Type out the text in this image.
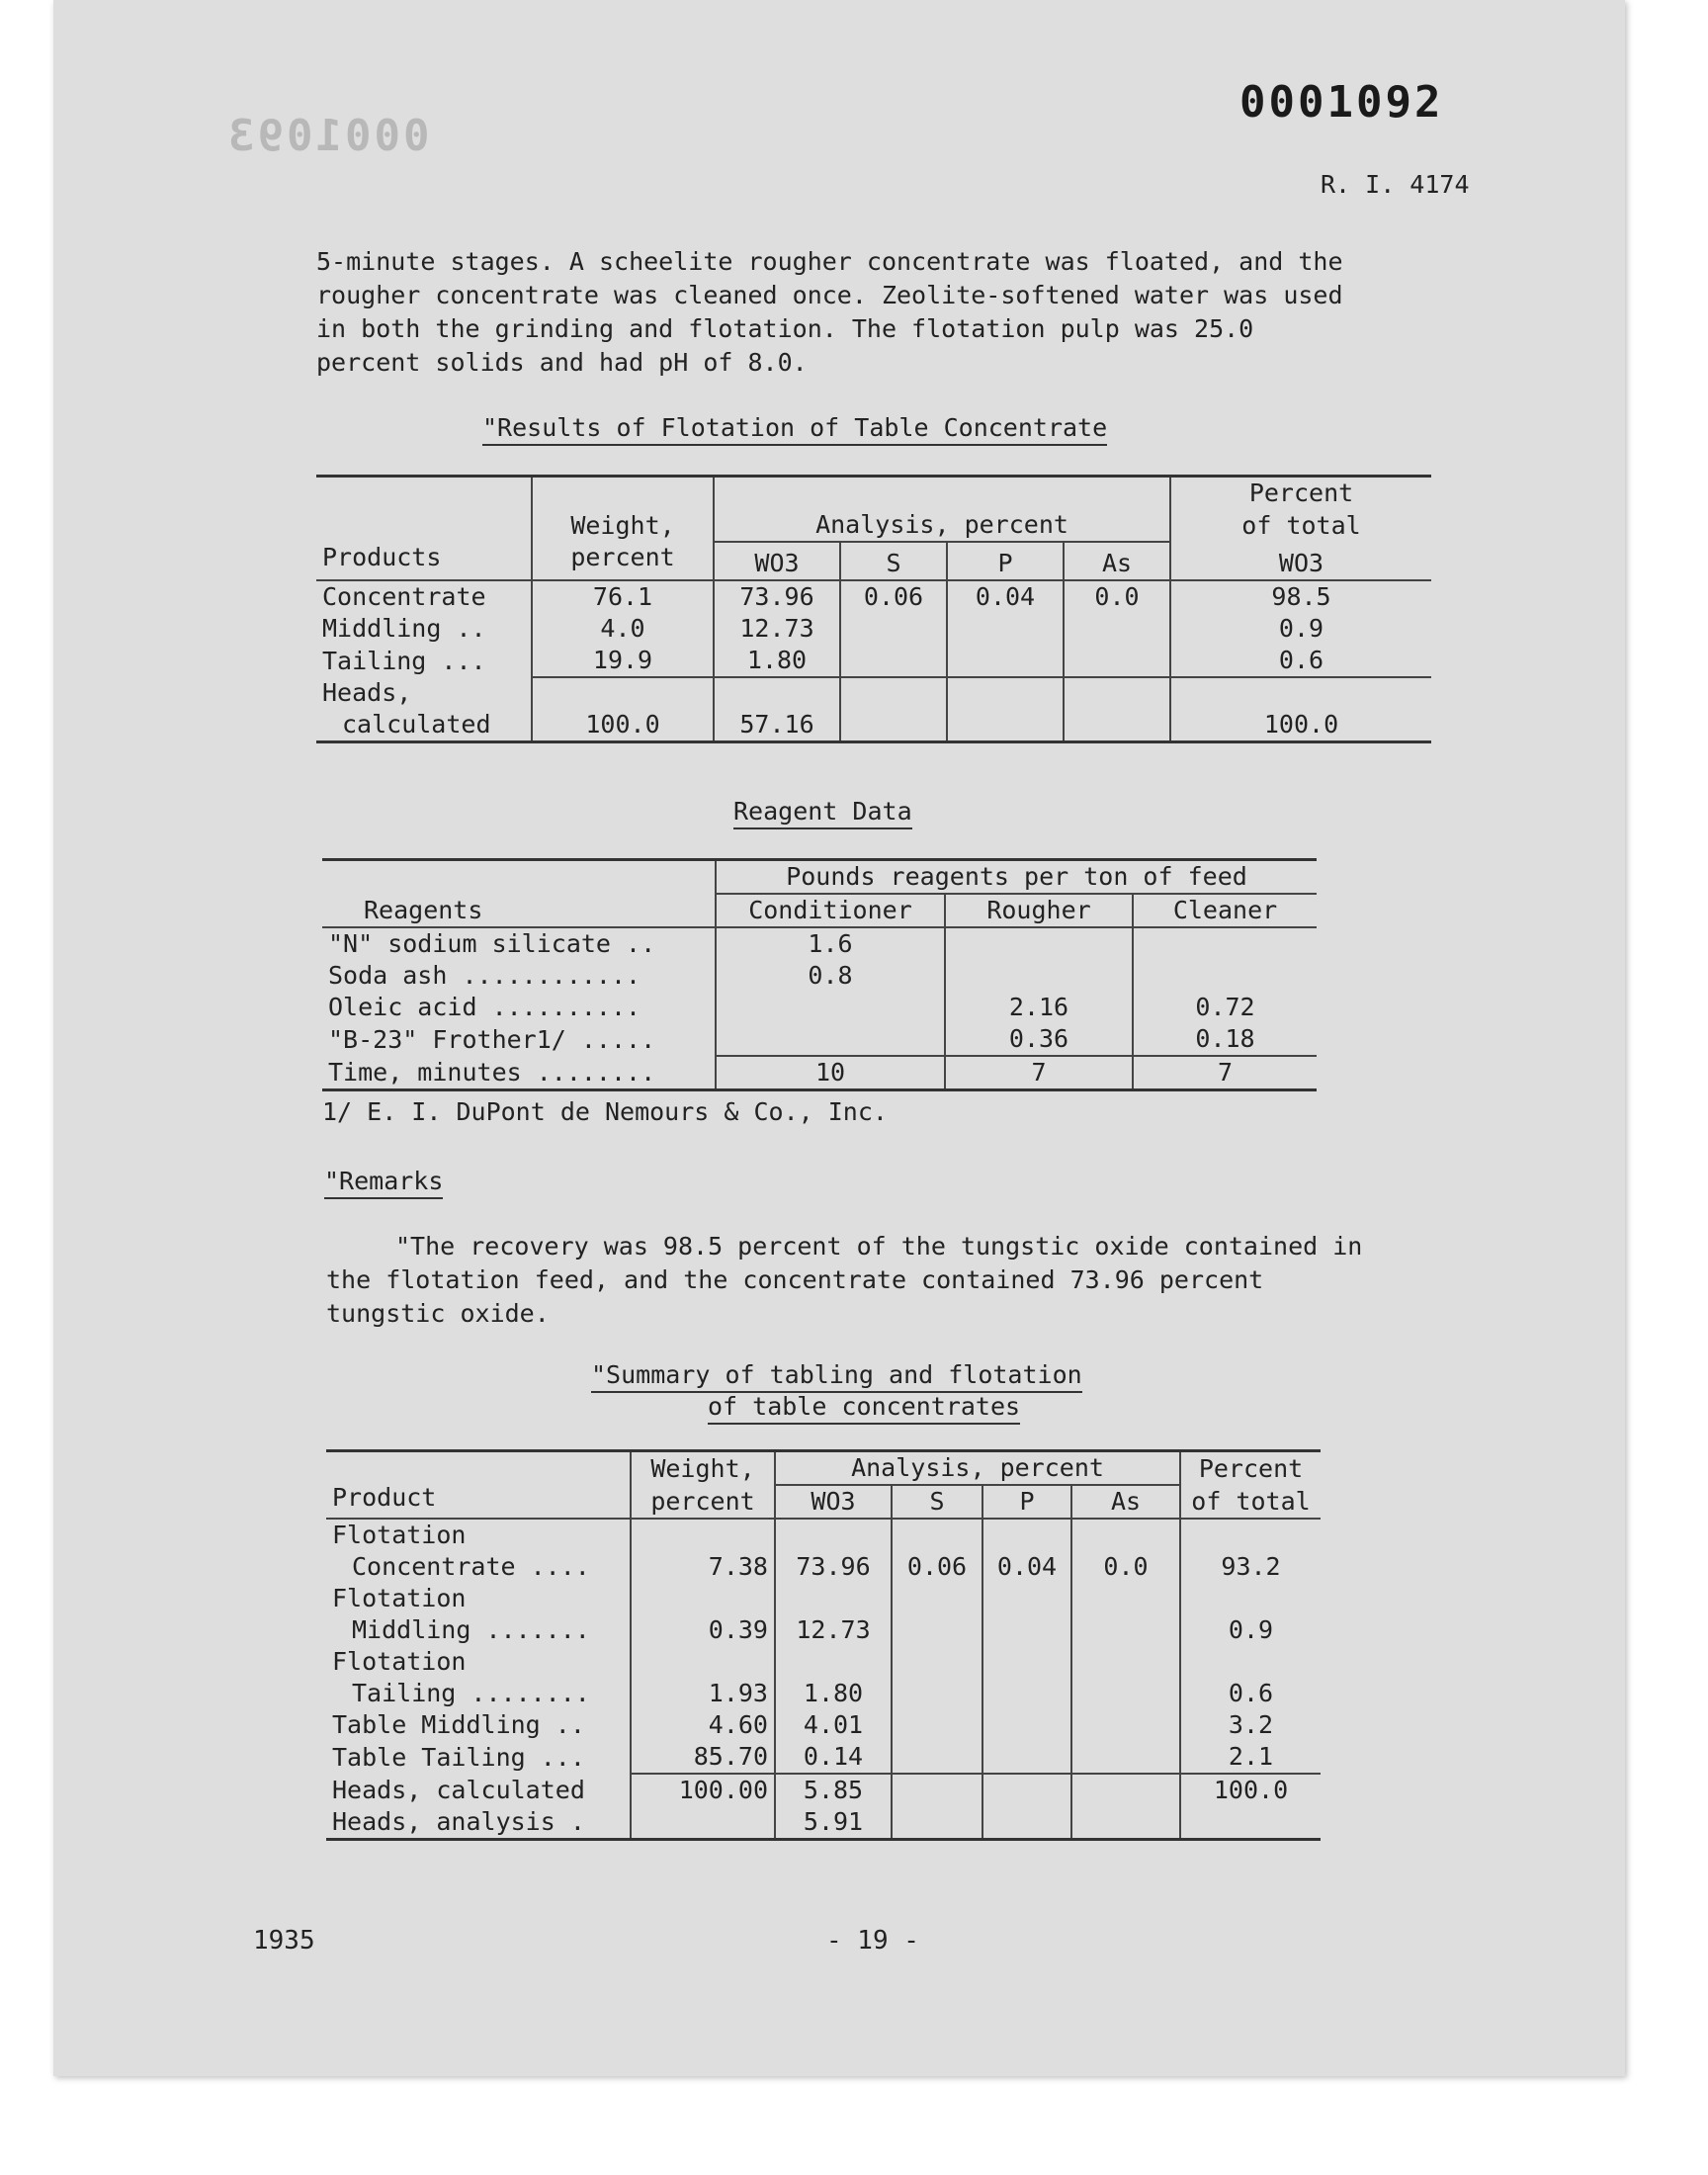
0001093
0001092
R. I. 4174
5-minute stages. A scheelite rougher concentrate was floated, and the rougher concentrate was cleaned once. Zeolite-softened water was used in both the grinding and flotation. The flotation pulp was 25.0 percent solids and had pH of 8.0.
"Results of Flotation of Table Concentrate
Products						Percent
	Weight,	Analysis, percent				of total
	percent	WO3	S	P	As	WO3
Concentrate	76.1	73.96	0.06	0.04	0.0	98.5
Middling ..	4.0	12.73				0.9
Tailing ...	19.9	1.80				0.6
Heads,						
calculated	100.0	57.16				100.0
Reagent Data
Reagents	Pounds reagents per ton of feed		
	Conditioner	Rougher	Cleaner
"N" sodium silicate ..	1.6		
Soda ash ............	0.8		
Oleic acid ..........		2.16	0.72
"B-23" Frother1/ .....		0.36	0.18
Time, minutes ........	10	7	7
1/ E. I. DuPont de Nemours & Co., Inc.
"Remarks
"The recovery was 98.5 percent of the tungstic oxide contained in the flotation feed, and the concentrate contained 73.96 percent tungstic oxide.
"Summary of tabling and flotation
of table concentrates
Product	Weight,	Analysis, percent				Percent
	percent	WO3	S	P	As	of total
Flotation						
Concentrate ....	7.38	73.96	0.06	0.04	0.0	93.2
Flotation						
Middling .......	0.39	12.73				0.9
Flotation						
Tailing ........	1.93	1.80				0.6
Table Middling ..	4.60	4.01				3.2
Table Tailing ...	85.70	0.14				2.1
Heads, calculated	100.00	5.85				100.0
Heads, analysis .		5.91				
1935	- 19 -
